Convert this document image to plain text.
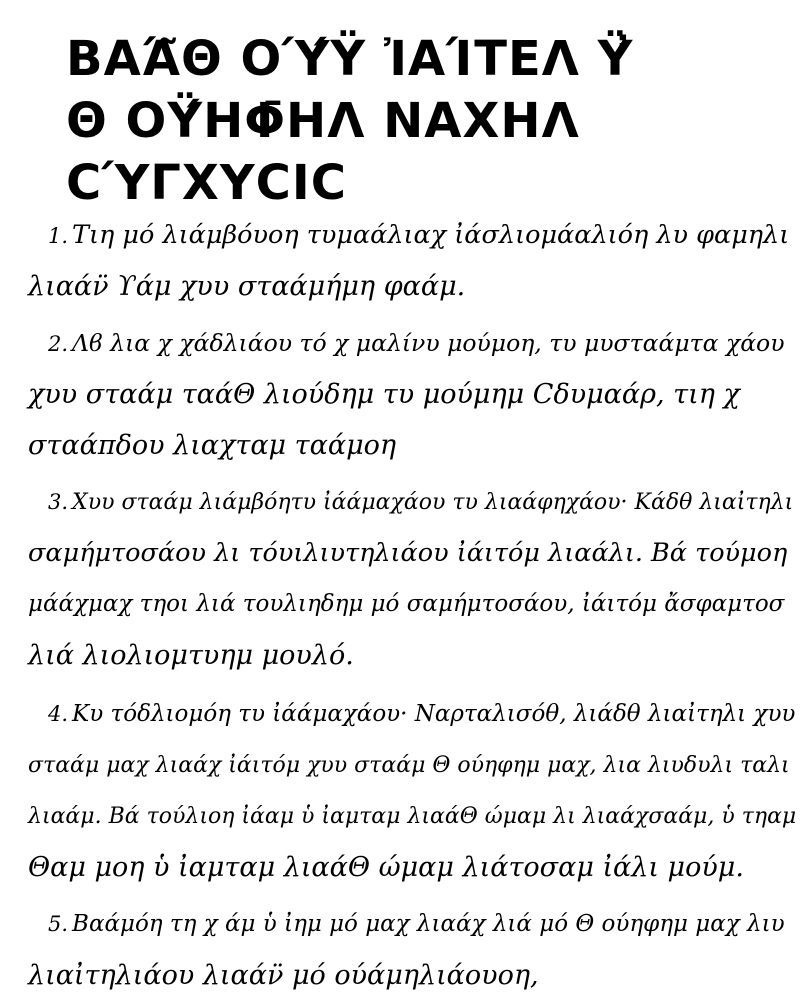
ΒΑΆ̃Θ ΟΎ́Ϋ ἸΑΊΤΕΛ Ϋ̓
Θ ΟΫ́ΗΦ̄ΗΛ ΝΑΧΗΛ
CΎΓΧΥCΙC
1. Τιη μό λιάμβόυοη τυμαάλιαχ ἰάσλιομάαλιόη λυ φαμηλι
λιαάν̈ ϒάμ χυυ σταάμήμη φαάμ.
2. Λϐ λια χ χάδλιάου τό χ μαλίνυ μούμοη, τυ μυσταάμτα χάου
χυυ σταάμ ταάΘ λιούδημ τυ μούμημ Cδυμαάρ, τιη χ
σταάπδου λιαχταμ ταάμοη
3. Χυυ σταάμ λιάμβόητυ ἰάάμαχάου τυ λιαάφηχάου· Κάδθ λιαἰτηλι
σαμήμτοσάου λι τόυιλιυτηλιάου ἰάιτόμ λιαάλι. Βά τούμοη
μάάχμαχ τηοι λιά τουλιηδημ μό σαμήμτοσάου, ἰάιτόμ ἄσφαμτοσ
λιά λιολιομτυημ μουλό.
4. Κυ τόδλιομόη τυ ἰάάμαχάου· Ναρταλισόθ, λιάδθ λιαἰτηλι χυυ
σταάμ μαχ λιαάχ ἰάιτόμ χυυ σταάμ Θ ούηφημ μαχ, λια λιυδυλι ταλι
λιαάμ. Βά τούλιοη ἰάαμ ὑ ἰαμταμ λιαάΘ ώμαμ λι λιαάχσαάμ, ὑ τηαμ
Θαμ μοη ὑ ἰαμταμ λιαάΘ ώμαμ λιάτοσαμ ἰάλι μούμ.
5. Βαάμόη τη χ άμ ὑ ἰημ μό μαχ λιαάχ λιά μό Θ ούηφημ μαχ λιυ
λιαἰτηλιάου λιαάν̈ μό ούάμηλιάουοη,
